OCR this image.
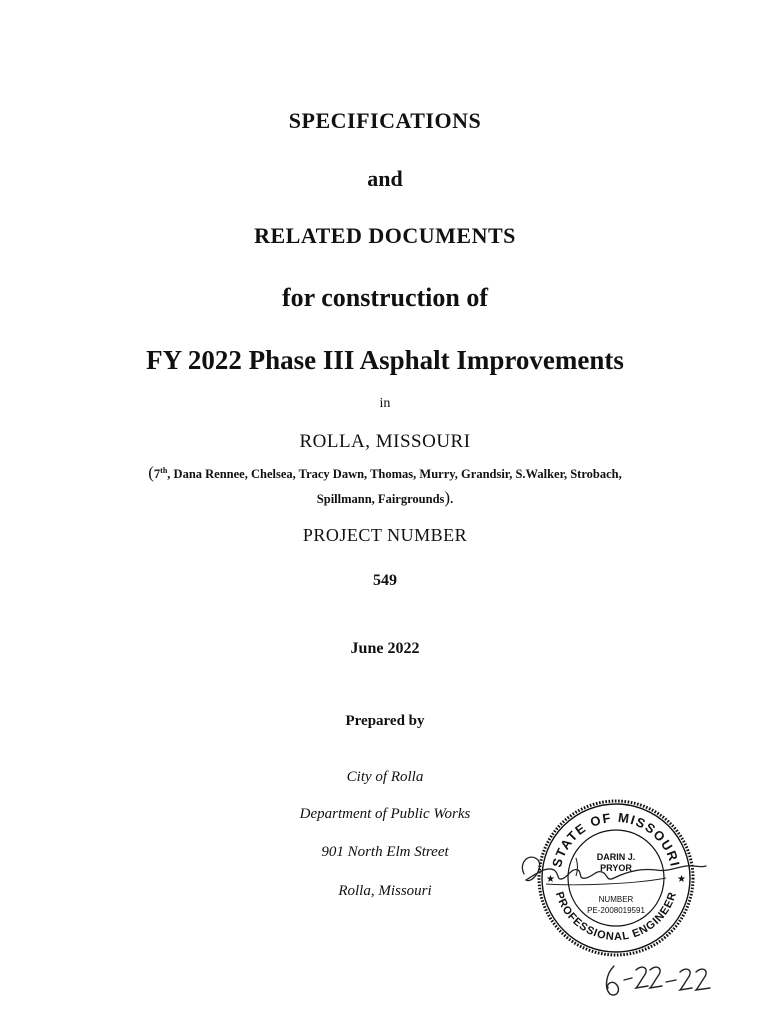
SPECIFICATIONS
and
RELATED DOCUMENTS
for construction of
FY 2022 Phase III Asphalt Improvements
in
ROLLA, MISSOURI
(7th, Dana Rennee, Chelsea, Tracy Dawn, Thomas, Murry, Grandsir, S.Walker, Strobach,
Spillmann, Fairgrounds).
PROJECT NUMBER
549
June 2022
Prepared by
City of Rolla
Department of Public Works
901 North Elm Street
Rolla, Missouri
STATE OF MISSOURI
PROFESSIONAL ENGINEER
★	★
DARIN J.
PRYOR
NUMBER
PE-2008019591
